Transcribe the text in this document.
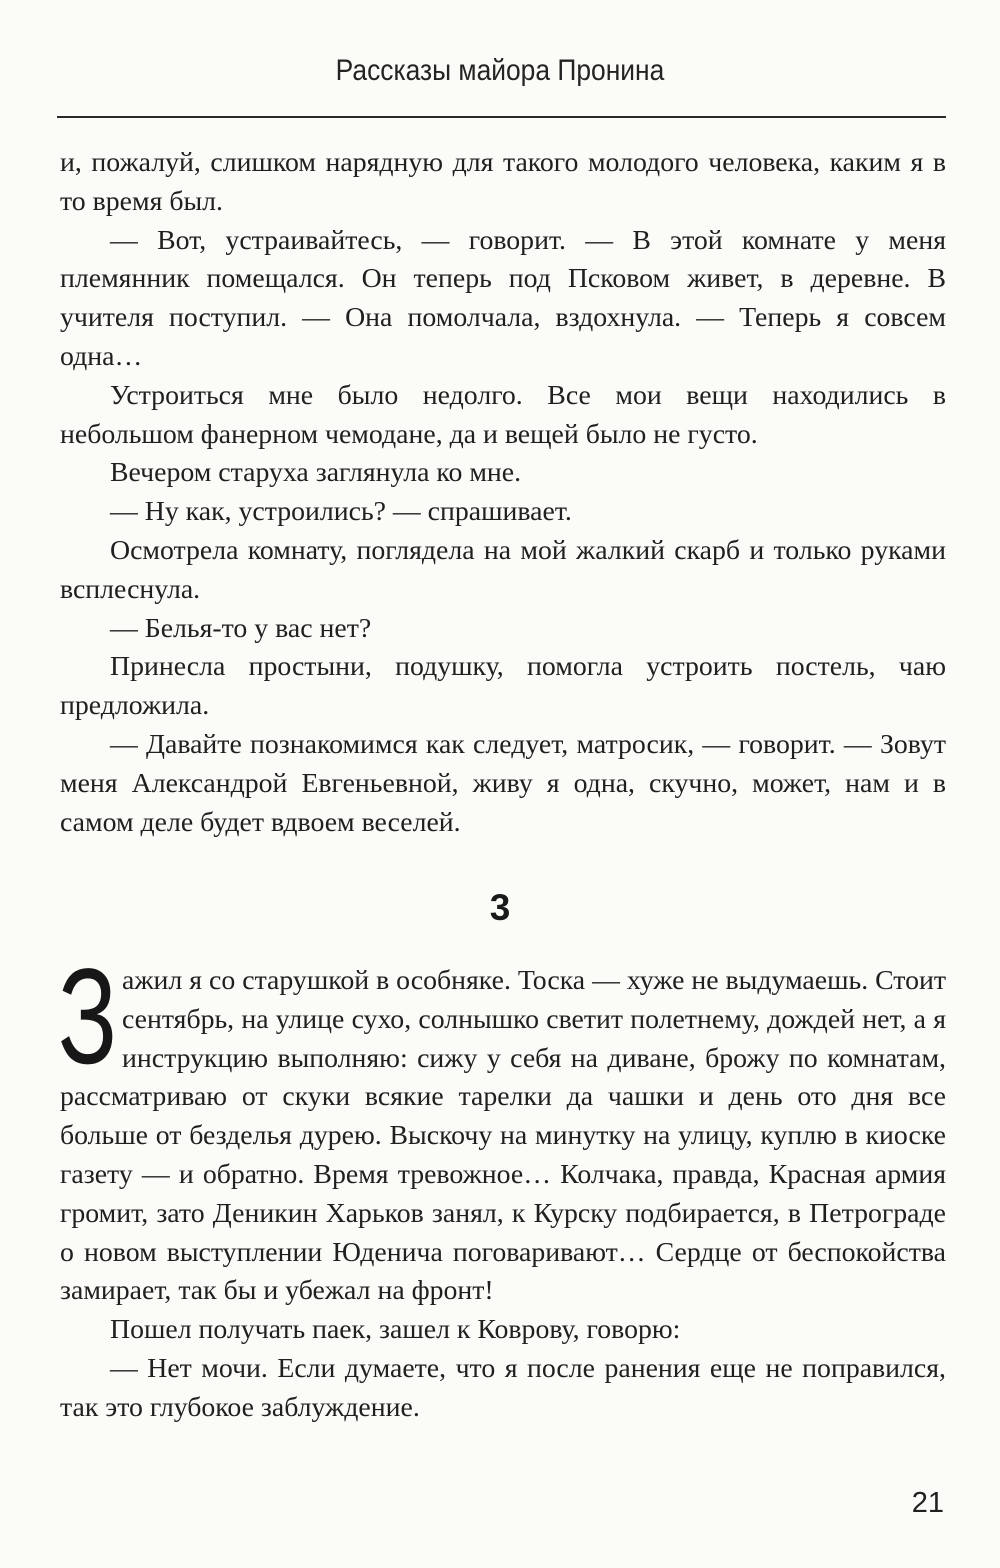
Рассказы майора Пронина

и, пожалуй, слишком нарядную для такого молодого человека, каким я в то время был.

— Вот, устраивайтесь, — говорит. — В этой комнате у меня племянник помещался. Он теперь под Псковом живет, в деревне. В учителя поступил. — Она помолчала, вздохнула. — Теперь я совсем одна…

Устроиться мне было недолго. Все мои вещи находились в небольшом фанерном чемодане, да и вещей было не густо.

Вечером старуха заглянула ко мне.

— Ну как, устроились? — спрашивает.

Осмотрела комнату, поглядела на мой жалкий скарб и только руками всплеснула.

— Белья-то у вас нет?

Принесла простыни, подушку, помогла устроить постель, чаю предложила.

— Давайте познакомимся как следует, матросик, — говорит. — Зовут меня Александрой Евгеньевной, живу я одна, скучно, может, нам и в самом деле будет вдвоем веселей.

3

Зажил я со старушкой в особняке. Тоска — хуже не выдумаешь. Стоит сентябрь, на улице сухо, солнышко светит полетнему, дождей нет, а я инструкцию выполняю: сижу у себя на диване, брожу по комнатам, рассматриваю от скуки всякие тарелки да чашки и день ото дня все больше от безделья дурею. Выскочу на минутку на улицу, куплю в киоске газету — и обратно. Время тревожное… Колчака, правда, Красная армия громит, зато Деникин Харьков занял, к Курску подбирается, в Петрограде о новом выступлении Юденича поговаривают… Сердце от беспокойства замирает, так бы и убежал на фронт!

Пошел получать паек, зашел к Коврову, говорю:

— Нет мочи. Если думаете, что я после ранения еще не поправился, так это глубокое заблуждение.

21
